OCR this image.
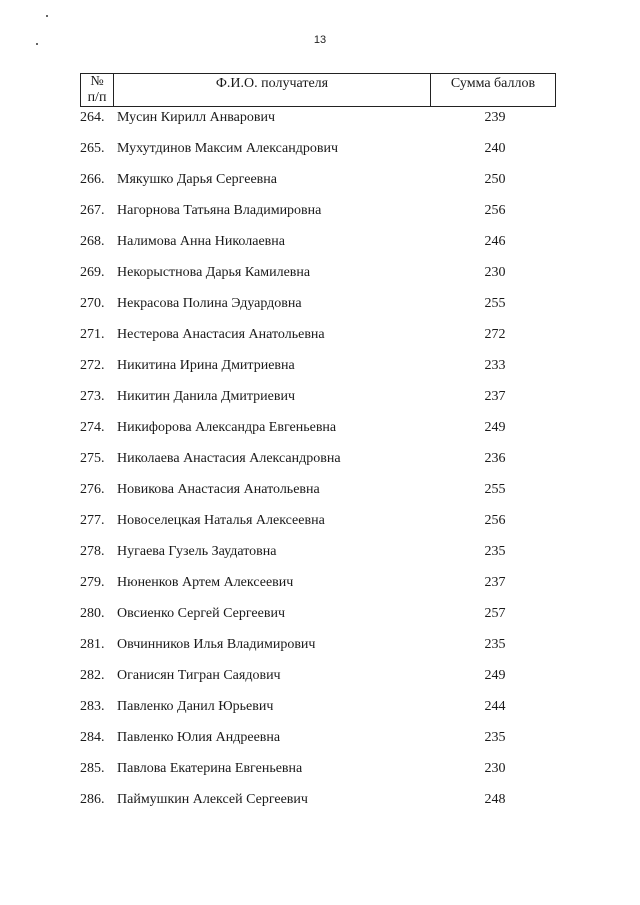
13
№
п/п
Ф.И.О. получателя	Сумма баллов
264. Мусин Кирилл Анварович	239
265. Мухутдинов Максим Александрович	240
266. Мякушко Дарья Сергеевна	250
267. Нагорнова Татьяна Владимировна	256
268. Налимова Анна Николаевна	246
269. Некорыстнова Дарья Камилевна	230
270. Некрасова Полина Эдуардовна	255
271. Нестерова Анастасия Анатольевна	272
272. Никитина Ирина Дмитриевна	233
273. Никитин Данила Дмитриевич	237
274. Никифорова Александра Евгеньевна	249
275. Николаева Анастасия Александровна	236
276. Новикова Анастасия Анатольевна	255
277. Новоселецкая Наталья Алексеевна	256
278. Нугаева Гузель Заудатовна	235
279. Нюненков Артем Алексеевич	237
280. Овсиенко Сергей Сергеевич	257
281. Овчинников Илья Владимирович	235
282. Оганисян Тигран Саядович	249
283. Павленко Данил Юрьевич	244
284. Павленко Юлия Андреевна	235
285. Павлова Екатерина Евгеньевна	230
286. Паймушкин Алексей Сергеевич	248
